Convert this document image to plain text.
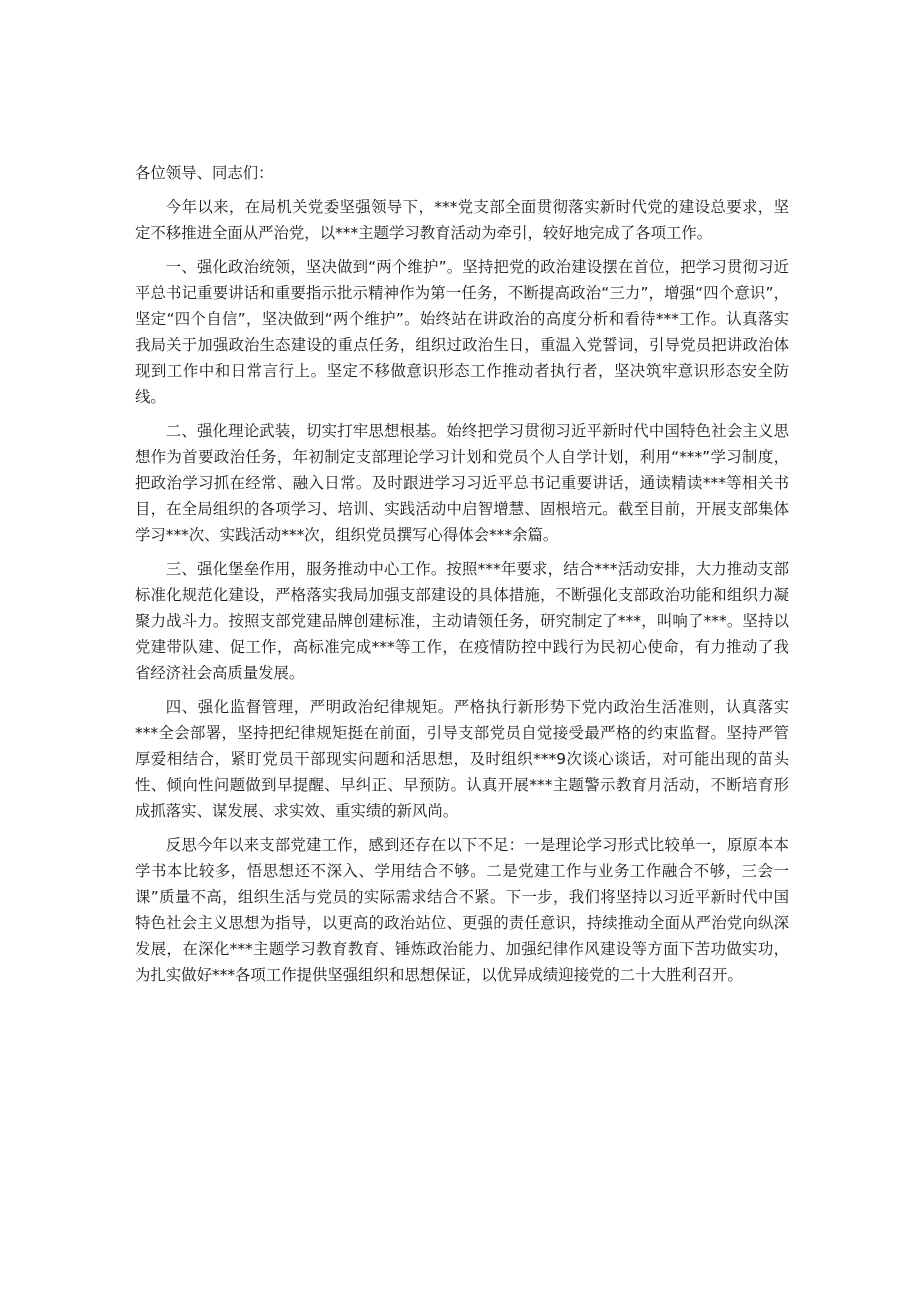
各位领导、同志们：

今年以来，在局机关党委坚强领导下，***党支部全面贯彻落实新时代党的建设总要求，坚定不移推进全面从严治党，以***主题学习教育活动为牵引，较好地完成了各项工作。

一、强化政治统领，坚决做到“两个维护”。坚持把党的政治建设摆在首位，把学习贯彻习近平总书记重要讲话和重要指示批示精神作为第一任务，不断提高政治“三力”，增强“四个意识”，坚定“四个自信”，坚决做到“两个维护”。始终站在讲政治的高度分析和看待***工作。认真落实我局关于加强政治生态建设的重点任务，组织过政治生日，重温入党誓词，引导党员把讲政治体现到工作中和日常言行上。坚定不移做意识形态工作推动者执行者，坚决筑牢意识形态安全防线。

二、强化理论武装，切实打牢思想根基。始终把学习贯彻习近平新时代中国特色社会主义思想作为首要政治任务，年初制定支部理论学习计划和党员个人自学计划，利用“***”学习制度，把政治学习抓在经常、融入日常。及时跟进学习习近平总书记重要讲话，通读精读***等相关书目，在全局组织的各项学习、培训、实践活动中启智增慧、固根培元。截至目前，开展支部集体学习***次、实践活动***次，组织党员撰写心得体会***余篇。

三、强化堡垒作用，服务推动中心工作。按照***年要求，结合***活动安排，大力推动支部标准化规范化建设，严格落实我局加强支部建设的具体措施，不断强化支部政治功能和组织力凝聚力战斗力。按照支部党建品牌创建标准，主动请领任务，研究制定了***，叫响了***。坚持以党建带队建、促工作，高标准完成***等工作，在疫情防控中践行为民初心使命，有力推动了我省经济社会高质量发展。

四、强化监督管理，严明政治纪律规矩。严格执行新形势下党内政治生活准则，认真落实***全会部署，坚持把纪律规矩挺在前面，引导支部党员自觉接受最严格的约束监督。坚持严管厚爱相结合，紧盯党员干部现实问题和活思想，及时组织***9次谈心谈话，对可能出现的苗头性、倾向性问题做到早提醒、早纠正、早预防。认真开展***主题警示教育月活动，不断培育形成抓落实、谋发展、求实效、重实绩的新风尚。

反思今年以来支部党建工作，感到还存在以下不足：一是理论学习形式比较单一，原原本本学书本比较多，悟思想还不深入、学用结合不够。二是党建工作与业务工作融合不够，三会一课”质量不高，组织生活与党员的实际需求结合不紧。下一步，我们将坚持以习近平新时代中国特色社会主义思想为指导，以更高的政治站位、更强的责任意识，持续推动全面从严治党向纵深发展，在深化***主题学习教育教育、锤炼政治能力、加强纪律作风建设等方面下苦功做实功，为扎实做好***各项工作提供坚强组织和思想保证，以优异成绩迎接党的二十大胜利召开。
